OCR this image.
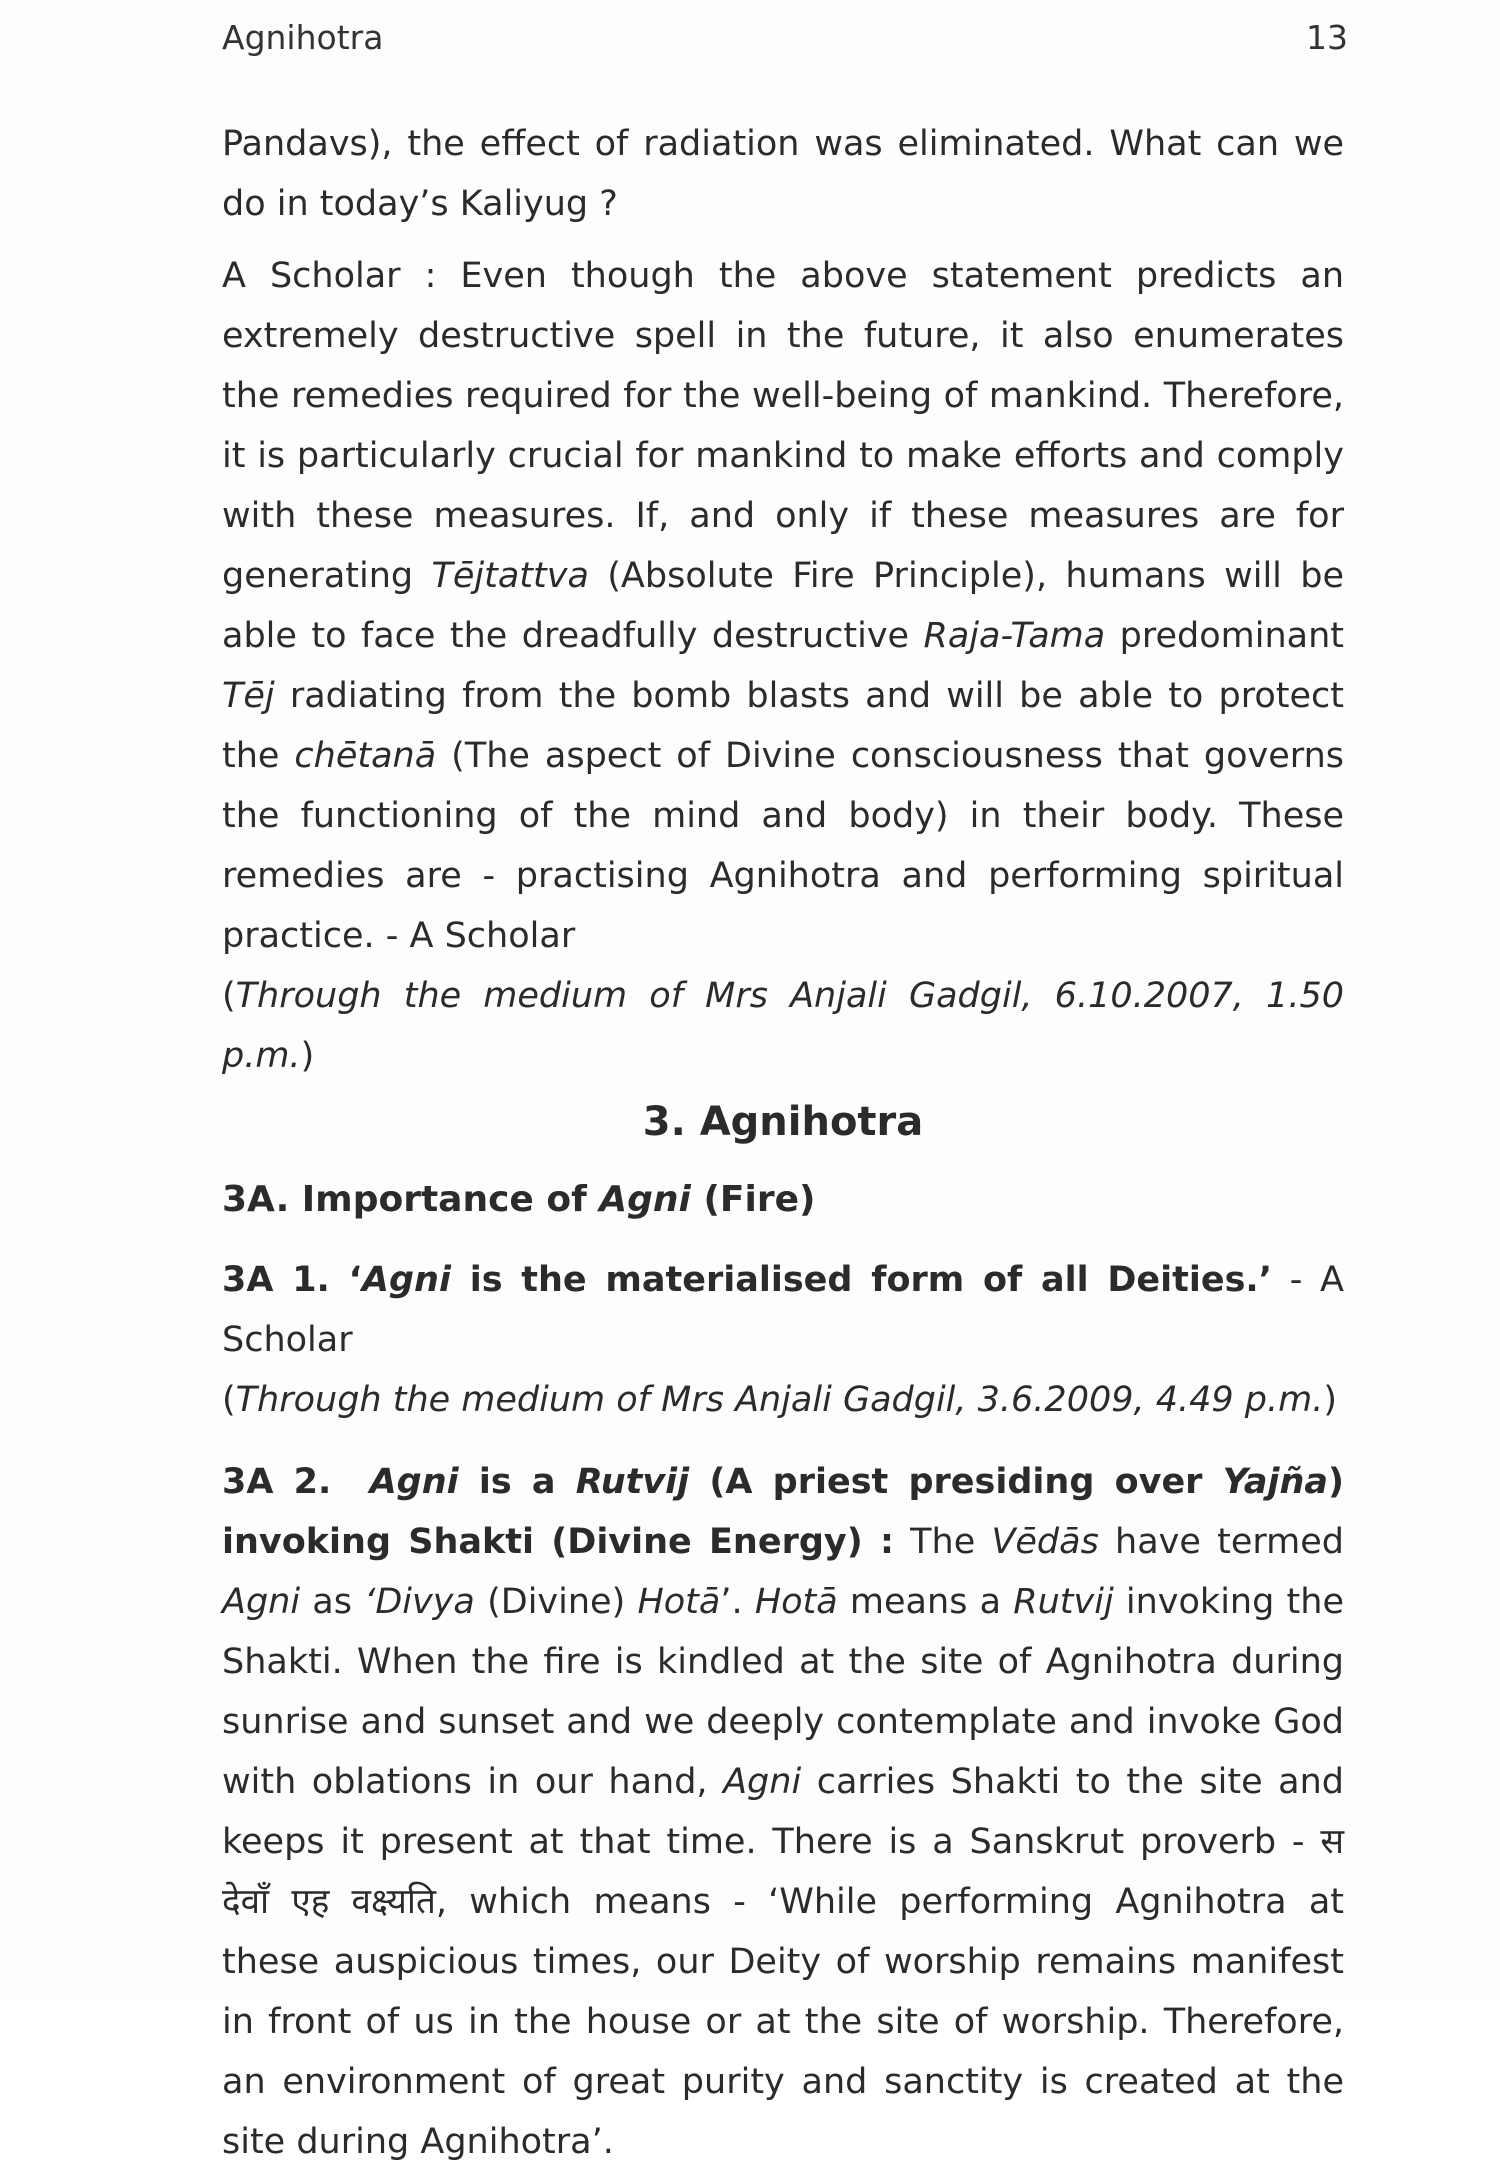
Agnihotra	13

Pandavs), the effect of radiation was eliminated. What can we do in today’s Kaliyug ?

A Scholar : Even though the above statement predicts an extremely destructive spell in the future, it also enumerates the remedies required for the well-being of mankind. Therefore, it is particularly crucial for mankind to make efforts and comply with these measures. If, and only if these measures are for generating Tējtattva (Absolute Fire Principle), humans will be able to face the dreadfully destructive Raja-Tama predominant Tēj radiating from the bomb blasts and will be able to protect the chētanā (The aspect of Divine consciousness that governs the functioning of the mind and body) in their body. These remedies are - practising Agnihotra and performing spiritual practice. - A Scholar
(Through the medium of Mrs Anjali Gadgil, 6.10.2007, 1.50 p.m.)

3. Agnihotra
3A. Importance of Agni (Fire)

3A 1. ‘Agni is the materialised form of all Deities.’ - A Scholar
(Through the medium of Mrs Anjali Gadgil, 3.6.2009, 4.49 p.m.)

3A 2. Agni is a Rutvij (A priest presiding over Yajña) invoking Shakti (Divine Energy) : The Vēdās have termed Agni as ‘Divya (Divine) Hotā’. Hotā means a Rutvij invoking the Shakti. When the fire is kindled at the site of Agnihotra during sunrise and sunset and we deeply contemplate and invoke God with oblations in our hand, Agni carries Shakti to the site and keeps it present at that time. There is a Sanskrut proverb - स देवाँ एह वक्ष्यति, which means - ‘While performing Agnihotra at these auspicious times, our Deity of worship remains manifest in front of us in the house or at the site of worship. Therefore, an environment of great purity and sanctity is created at the site during Agnihotra’.
